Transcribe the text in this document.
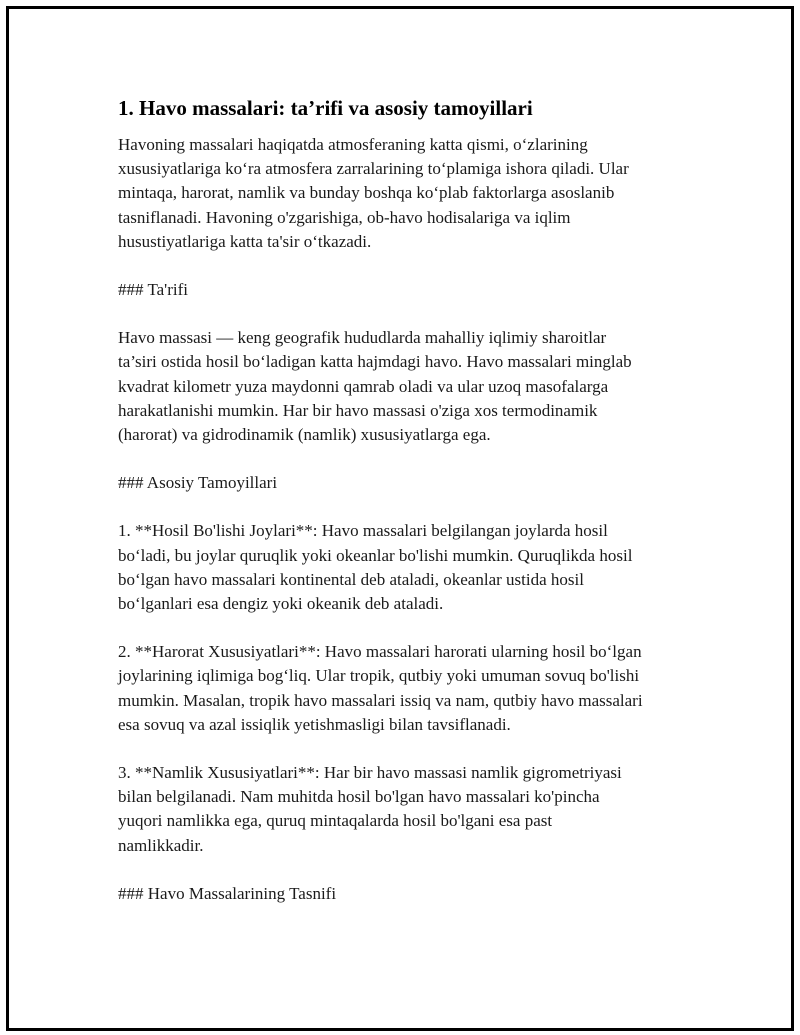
1. Havo massalari: ta’rifi va asosiy tamoyillari
Havoning massalari haqiqatda atmosferaning katta qismi, o‘zlarining
xususiyatlariga ko‘ra atmosfera zarralarining to‘plamiga ishora qiladi. Ular
mintaqa, harorat, namlik va bunday boshqa ko‘plab faktorlarga asoslanib
tasniflanadi. Havoning o'zgarishiga, ob-havo hodisalariga va iqlim
husustiyatlariga katta ta'sir o‘tkazadi.
### Ta'rifi
Havo massasi — keng geografik hududlarda mahalliy iqlimiy sharoitlar
ta’siri ostida hosil bo‘ladigan katta hajmdagi havo. Havo massalari minglab
kvadrat kilometr yuza maydonni qamrab oladi va ular uzoq masofalarga
harakatlanishi mumkin. Har bir havo massasi o'ziga xos termodinamik
(harorat) va gidrodinamik (namlik) xususiyatlarga ega.
### Asosiy Tamoyillari
1. **Hosil Bo'lishi Joylari**: Havo massalari belgilangan joylarda hosil
bo‘ladi, bu joylar quruqlik yoki okeanlar bo'lishi mumkin. Quruqlikda hosil
bo‘lgan havo massalari kontinental deb ataladi, okeanlar ustida hosil
bo‘lganlari esa dengiz yoki okeanik deb ataladi.
2. **Harorat Xususiyatlari**: Havo massalari harorati ularning hosil bo‘lgan
joylarining iqlimiga bog‘liq. Ular tropik, qutbiy yoki umuman sovuq bo'lishi
mumkin. Masalan, tropik havo massalari issiq va nam, qutbiy havo massalari
esa sovuq va azal issiqlik yetishmasligi bilan tavsiflanadi.
3. **Namlik Xususiyatlari**: Har bir havo massasi namlik gigrometriyasi
bilan belgilanadi. Nam muhitda hosil bo'lgan havo massalari ko'pincha
yuqori namlikka ega, quruq mintaqalarda hosil bo'lgani esa past
namlikkadir.
### Havo Massalarining Tasnifi
